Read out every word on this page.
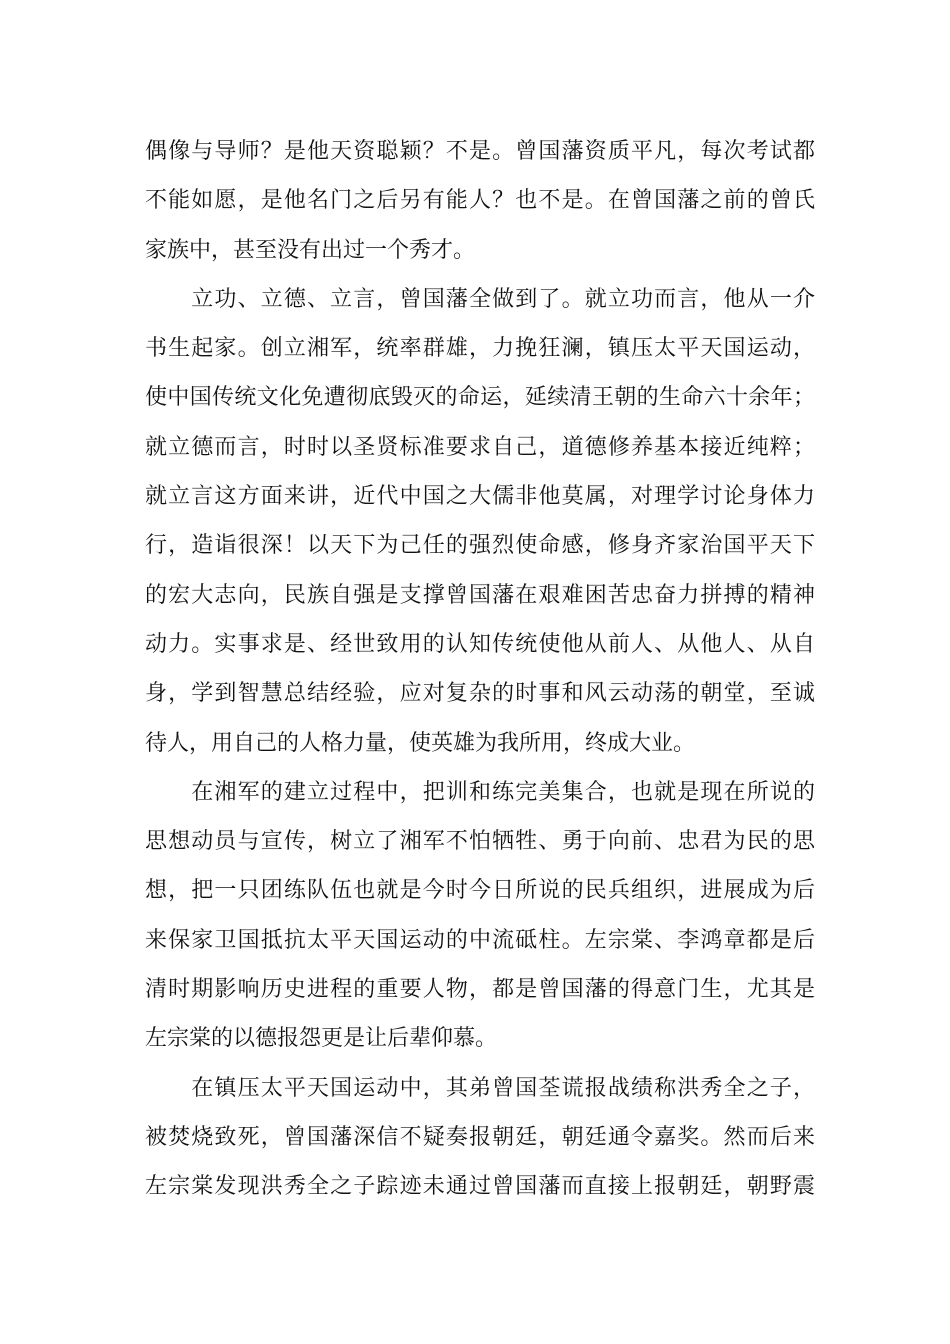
偶像与导师？是他天资聪颖？不是。曾国藩资质平凡，每次考试都
不能如愿，是他名门之后另有能人？也不是。在曾国藩之前的曾氏
家族中，甚至没有出过一个秀才。
　　立功、立德、立言，曾国藩全做到了。就立功而言，他从一介
书生起家。创立湘军，统率群雄，力挽狂澜，镇压太平天国运动，
使中国传统文化免遭彻底毁灭的命运，延续清王朝的生命六十余年；
就立德而言，时时以圣贤标准要求自己，道德修养基本接近纯粹；
就立言这方面来讲，近代中国之大儒非他莫属，对理学讨论身体力
行，造诣很深！以天下为己任的强烈使命感，修身齐家治国平天下
的宏大志向，民族自强是支撑曾国藩在艰难困苦忠奋力拼搏的精神
动力。实事求是、经世致用的认知传统使他从前人、从他人、从自
身，学到智慧总结经验，应对复杂的时事和风云动荡的朝堂，至诚
待人，用自己的人格力量，使英雄为我所用，终成大业。
　　在湘军的建立过程中，把训和练完美集合，也就是现在所说的
思想动员与宣传，树立了湘军不怕牺牲、勇于向前、忠君为民的思
想，把一只团练队伍也就是今时今日所说的民兵组织，进展成为后
来保家卫国抵抗太平天国运动的中流砥柱。左宗棠、李鸿章都是后
清时期影响历史进程的重要人物，都是曾国藩的得意门生，尤其是
左宗棠的以德报怨更是让后辈仰慕。
　　在镇压太平天国运动中，其弟曾国荃谎报战绩称洪秀全之子，
被焚烧致死，曾国藩深信不疑奏报朝廷，朝廷通令嘉奖。然而后来
左宗棠发现洪秀全之子踪迹未通过曾国藩而直接上报朝廷，朝野震
